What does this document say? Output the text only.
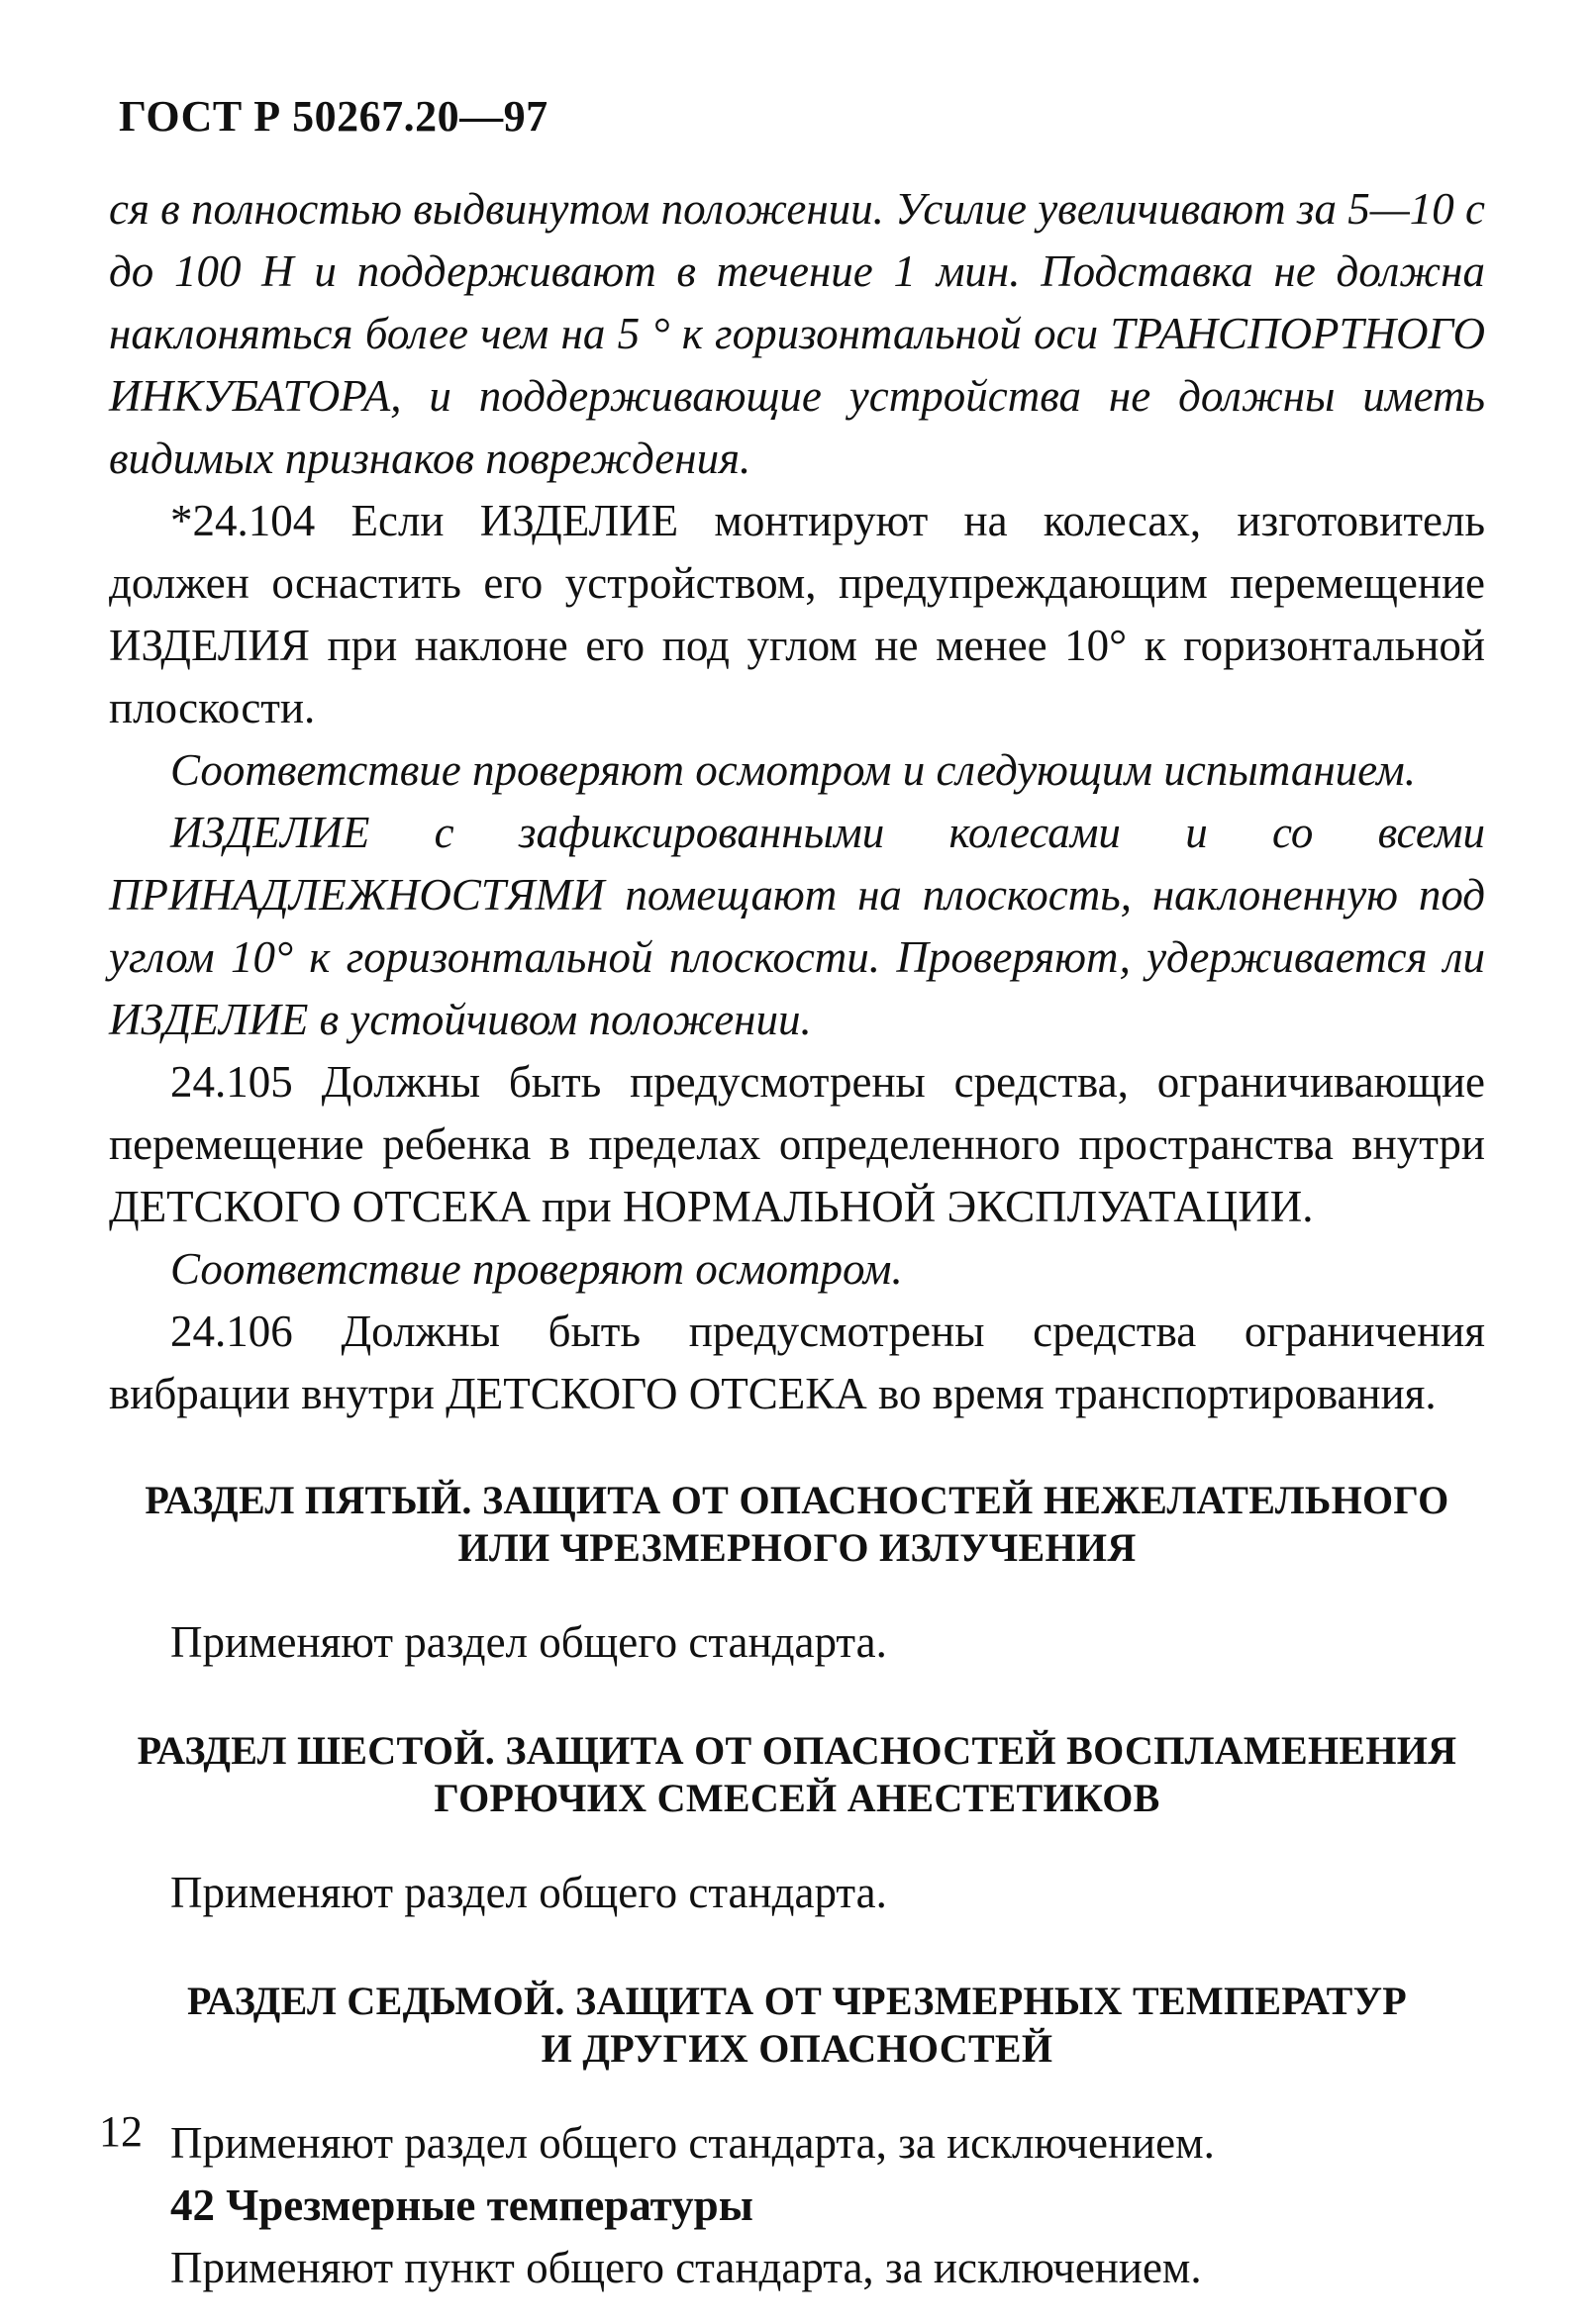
ГОСТ Р 50267.20—97

ся в полностью выдвинутом положении. Усилие увеличивают за 5—10 с до 100 Н и поддерживают в течение 1 мин. Подставка не должна наклоняться более чем на 5 ° к горизонтальной оси ТРАНСПОРТНОГО ИНКУБАТОРА, и поддерживающие устройства не должны иметь видимых признаков повреждения.

*24.104 Если ИЗДЕЛИЕ монтируют на колесах, изготовитель должен оснастить его устройством, предупреждающим перемещение ИЗДЕЛИЯ при наклоне его под углом не менее 10° к горизонтальной плоскости.

Соответствие проверяют осмотром и следующим испытанием.

ИЗДЕЛИЕ с зафиксированными колесами и со всеми ПРИНАДЛЕЖНОСТЯМИ помещают на плоскость, наклоненную под углом 10° к горизонтальной плоскости. Проверяют, удерживается ли ИЗДЕЛИЕ в устойчивом положении.

24.105 Должны быть предусмотрены средства, ограничивающие перемещение ребенка в пределах определенного пространства внутри ДЕТСКОГО ОТСЕКА при НОРМАЛЬНОЙ ЭКСПЛУАТАЦИИ.

Соответствие проверяют осмотром.

24.106 Должны быть предусмотрены средства ограничения вибрации внутри ДЕТСКОГО ОТСЕКА во время транспортирования.

РАЗДЕЛ ПЯТЫЙ. ЗАЩИТА ОТ ОПАСНОСТЕЙ НЕЖЕЛАТЕЛЬНОГО
ИЛИ ЧРЕЗМЕРНОГО ИЗЛУЧЕНИЯ

Применяют раздел общего стандарта.

РАЗДЕЛ ШЕСТОЙ. ЗАЩИТА ОТ ОПАСНОСТЕЙ ВОСПЛАМЕНЕНИЯ
ГОРЮЧИХ СМЕСЕЙ АНЕСТЕТИКОВ

Применяют раздел общего стандарта.

РАЗДЕЛ СЕДЬМОЙ. ЗАЩИТА ОТ ЧРЕЗМЕРНЫХ ТЕМПЕРАТУР
И ДРУГИХ ОПАСНОСТЕЙ

Применяют раздел общего стандарта, за исключением.

42 Чрезмерные температуры

Применяют пункт общего стандарта, за исключением.

12
